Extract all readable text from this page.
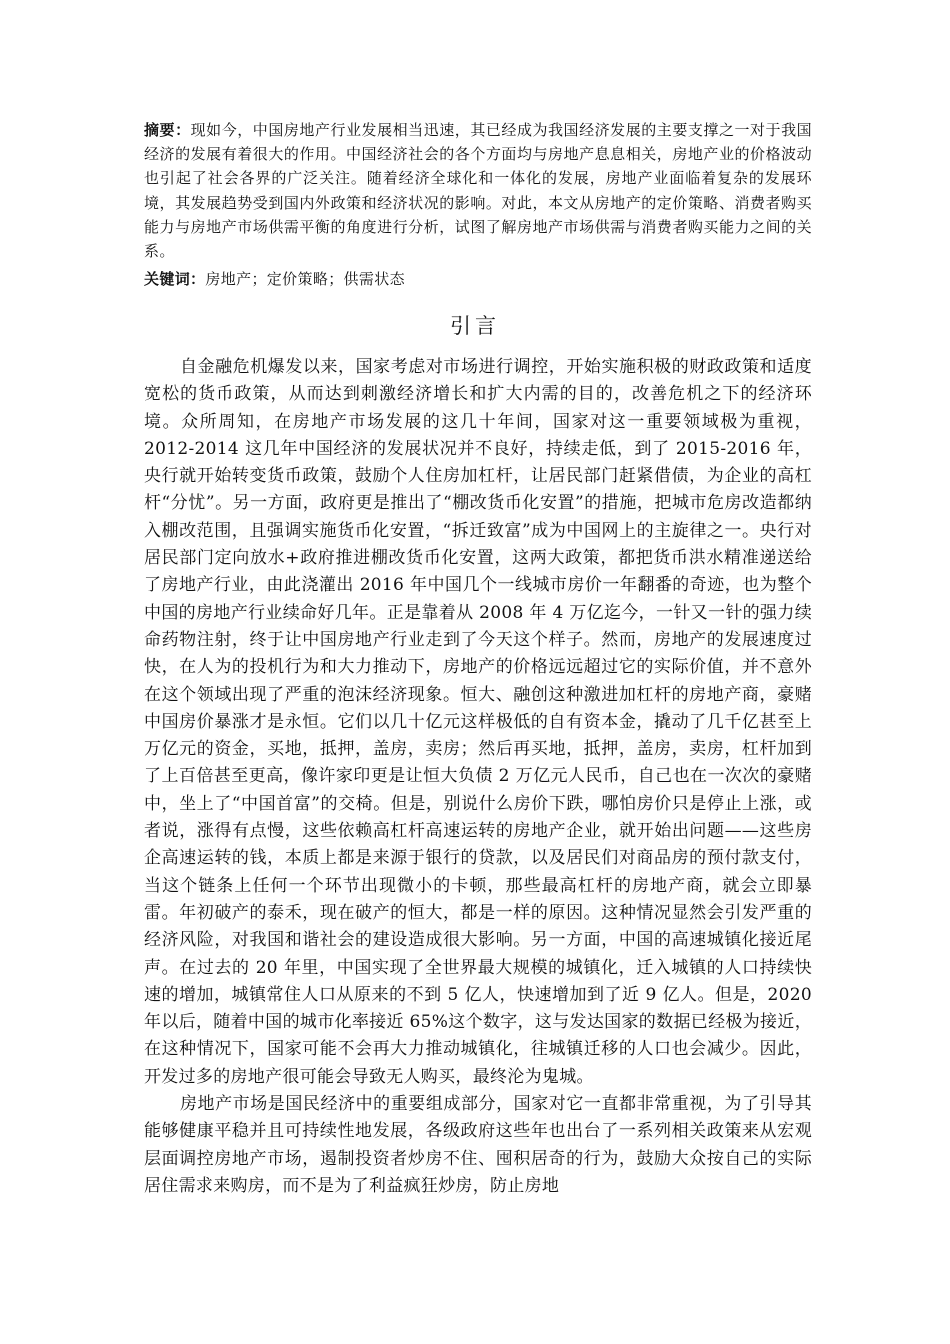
摘要：现如今，中国房地产行业发展相当迅速，其已经成为我国经济发展的主要支撑之一对于我国经济的发展有着很大的作用。中国经济社会的各个方面均与房地产息息相关，房地产业的价格波动也引起了社会各界的广泛关注。随着经济全球化和一体化的发展，房地产业面临着复杂的发展环境，其发展趋势受到国内外政策和经济状况的影响。对此，本文从房地产的定价策略、消费者购买能力与房地产市场供需平衡的角度进行分析，试图了解房地产市场供需与消费者购买能力之间的关系。
关键词：房地产；定价策略；供需状态
引言

自金融危机爆发以来，国家考虑对市场进行调控，开始实施积极的财政政策和适度宽松的货币政策，从而达到刺激经济增长和扩大内需的目的，改善危机之下的经济环境。众所周知，在房地产市场发展的这几十年间，国家对这一重要领域极为重视，2012-2014 这几年中国经济的发展状况并不良好，持续走低，到了 2015-2016 年，央行就开始转变货币政策，鼓励个人住房加杠杆，让居民部门赶紧借债，为企业的高杠杆“分忧”。另一方面，政府更是推出了“棚改货币化安置”的措施，把城市危房改造都纳入棚改范围，且强调实施货币化安置，“拆迁致富”成为中国网上的主旋律之一。央行对居民部门定向放水+政府推进棚改货币化安置，这两大政策，都把货币洪水精准递送给了房地产行业，由此浇灌出 2016 年中国几个一线城市房价一年翻番的奇迹，也为整个中国的房地产行业续命好几年。正是靠着从 2008 年 4 万亿迄今，一针又一针的强力续命药物注射，终于让中国房地产行业走到了今天这个样子。然而，房地产的发展速度过快，在人为的投机行为和大力推动下，房地产的价格远远超过它的实际价值，并不意外在这个领域出现了严重的泡沫经济现象。恒大、融创这种激进加杠杆的房地产商，豪赌中国房价暴涨才是永恒。它们以几十亿元这样极低的自有资本金，撬动了几千亿甚至上万亿元的资金，买地，抵押，盖房，卖房；然后再买地，抵押，盖房，卖房，杠杆加到了上百倍甚至更高，像许家印更是让恒大负债 2 万亿元人民币，自己也在一次次的豪赌中，坐上了“中国首富”的交椅。但是，别说什么房价下跌，哪怕房价只是停止上涨，或者说，涨得有点慢，这些依赖高杠杆高速运转的房地产企业，就开始出问题——这些房企高速运转的钱，本质上都是来源于银行的贷款，以及居民们对商品房的预付款支付，当这个链条上任何一个环节出现微小的卡顿，那些最高杠杆的房地产商，就会立即暴雷。年初破产的泰禾，现在破产的恒大，都是一样的原因。这种情况显然会引发严重的经济风险，对我国和谐社会的建设造成很大影响。另一方面，中国的高速城镇化接近尾声。在过去的 20 年里，中国实现了全世界最大规模的城镇化，迁入城镇的人口持续快速的增加，城镇常住人口从原来的不到 5 亿人，快速增加到了近 9 亿人。但是，2020 年以后，随着中国的城市化率接近 65%这个数字，这与发达国家的数据已经极为接近，在这种情况下，国家可能不会再大力推动城镇化，往城镇迁移的人口也会减少。因此，开发过多的房地产很可能会导致无人购买，最终沦为鬼城。

房地产市场是国民经济中的重要组成部分，国家对它一直都非常重视，为了引导其能够健康平稳并且可持续性地发展，各级政府这些年也出台了一系列相关政策来从宏观层面调控房地产市场，遏制投资者炒房不住、囤积居奇的行为，鼓励大众按自己的实际居住需求来购房，而不是为了利益疯狂炒房，防止房地
